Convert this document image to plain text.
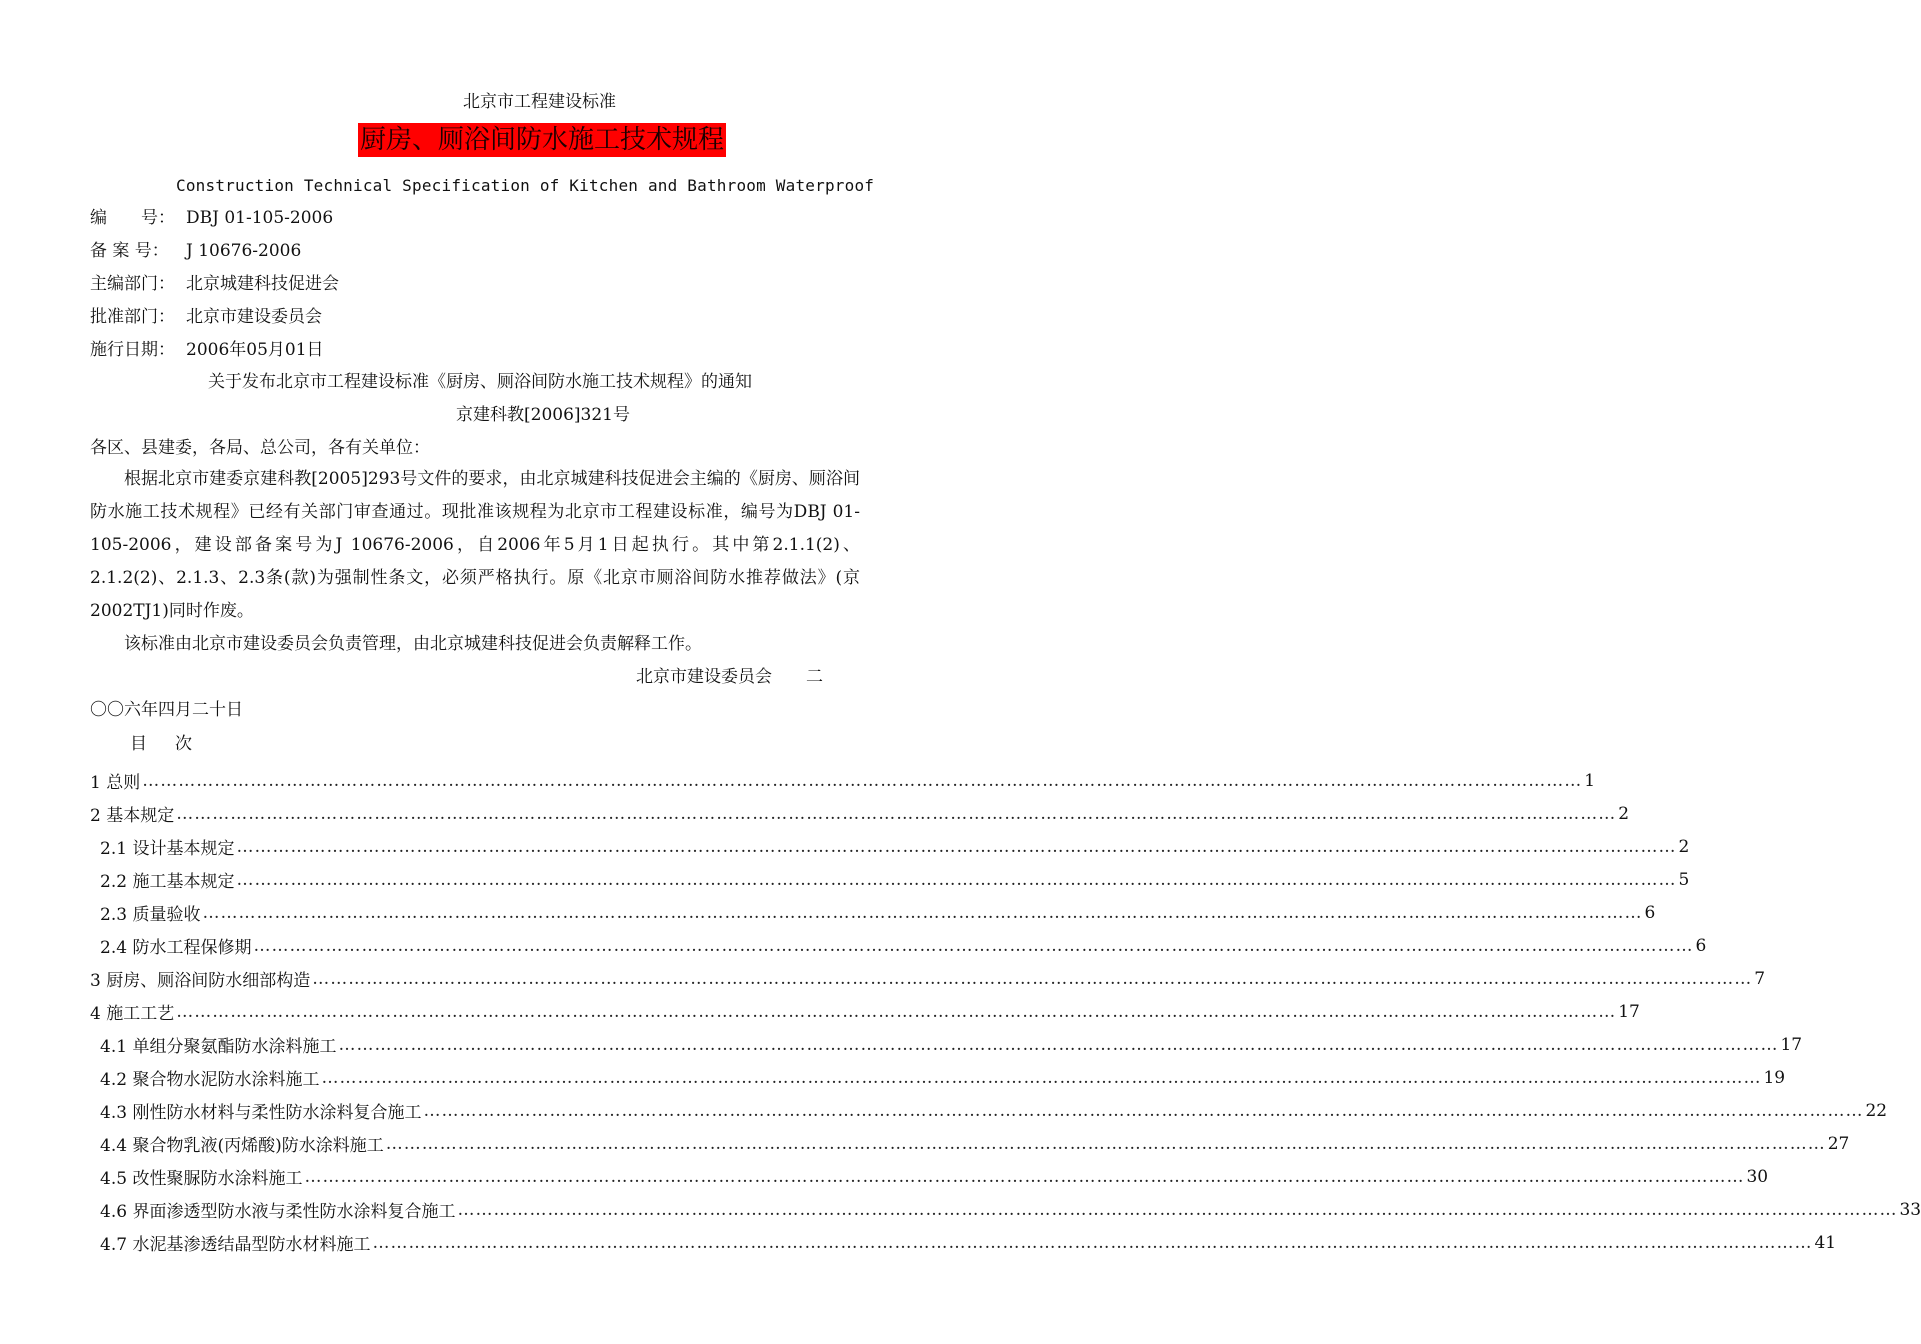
北京市工程建设标准
厨房、厕浴间防水施工技术规程
Construction Technical Specification of Kitchen and Bathroom Waterproof
编　　号： DBJ 01-105-2006
备 案 号： J 10676-2006
主编部门： 北京城建科技促进会
批准部门： 北京市建设委员会
施行日期： 2006年05月01日
关于发布北京市工程建设标准《厨房、厕浴间防水施工技术规程》的通知
京建科教[2006]321号
各区、县建委，各局、总公司，各有关单位：

根据北京市建委京建科教[2005]293号文件的要求，由北京城建科技促进会主编的《厨房、厕浴间防水施工技术规程》已经有关部门审查通过。现批准该规程为北京市工程建设标准，编号为DBJ 01-105-2006，建设部备案号为J 10676-2006，自2006年5月1日起执行。其中第2.1.1(2)、2.1.2(2)、2.1.3、2.3条(款)为强制性条文，必须严格执行。原《北京市厕浴间防水推荐做法》(京2002TJ1)同时作废。

该标准由北京市建设委员会负责管理，由北京城建科技促进会负责解释工作。

北京市建设委员会　　二
〇〇六年四月二十日
目 次
1 总则 …………………………………………………………………………………………………………………………………………………………………………………………………………………… 1
2 基本规定 …………………………………………………………………………………………………………………………………………………………………………………………………………………… 2
2.1 设计基本规定 …………………………………………………………………………………………………………………………………………………………………………………………………………………… 2
2.2 施工基本规定 …………………………………………………………………………………………………………………………………………………………………………………………………………………… 5
2.3 质量验收 …………………………………………………………………………………………………………………………………………………………………………………………………………………… 6
2.4 防水工程保修期 …………………………………………………………………………………………………………………………………………………………………………………………………………………… 6
3 厨房、厕浴间防水细部构造 …………………………………………………………………………………………………………………………………………………………………………………………………………………… 7
4 施工工艺 …………………………………………………………………………………………………………………………………………………………………………………………………………………… 17
4.1 单组分聚氨酯防水涂料施工 …………………………………………………………………………………………………………………………………………………………………………………………………………………… 17
4.2 聚合物水泥防水涂料施工 …………………………………………………………………………………………………………………………………………………………………………………………………………………… 19
4.3 刚性防水材料与柔性防水涂料复合施工 …………………………………………………………………………………………………………………………………………………………………………………………………………………… 22
4.4 聚合物乳液(丙烯酸)防水涂料施工 …………………………………………………………………………………………………………………………………………………………………………………………………………………… 27
4.5 改性聚脲防水涂料施工 …………………………………………………………………………………………………………………………………………………………………………………………………………………… 30
4.6 界面渗透型防水液与柔性防水涂料复合施工 …………………………………………………………………………………………………………………………………………………………………………………………………………………… 33
4.7 水泥基渗透结晶型防水材料施工 …………………………………………………………………………………………………………………………………………………………………………………………………………………… 41
